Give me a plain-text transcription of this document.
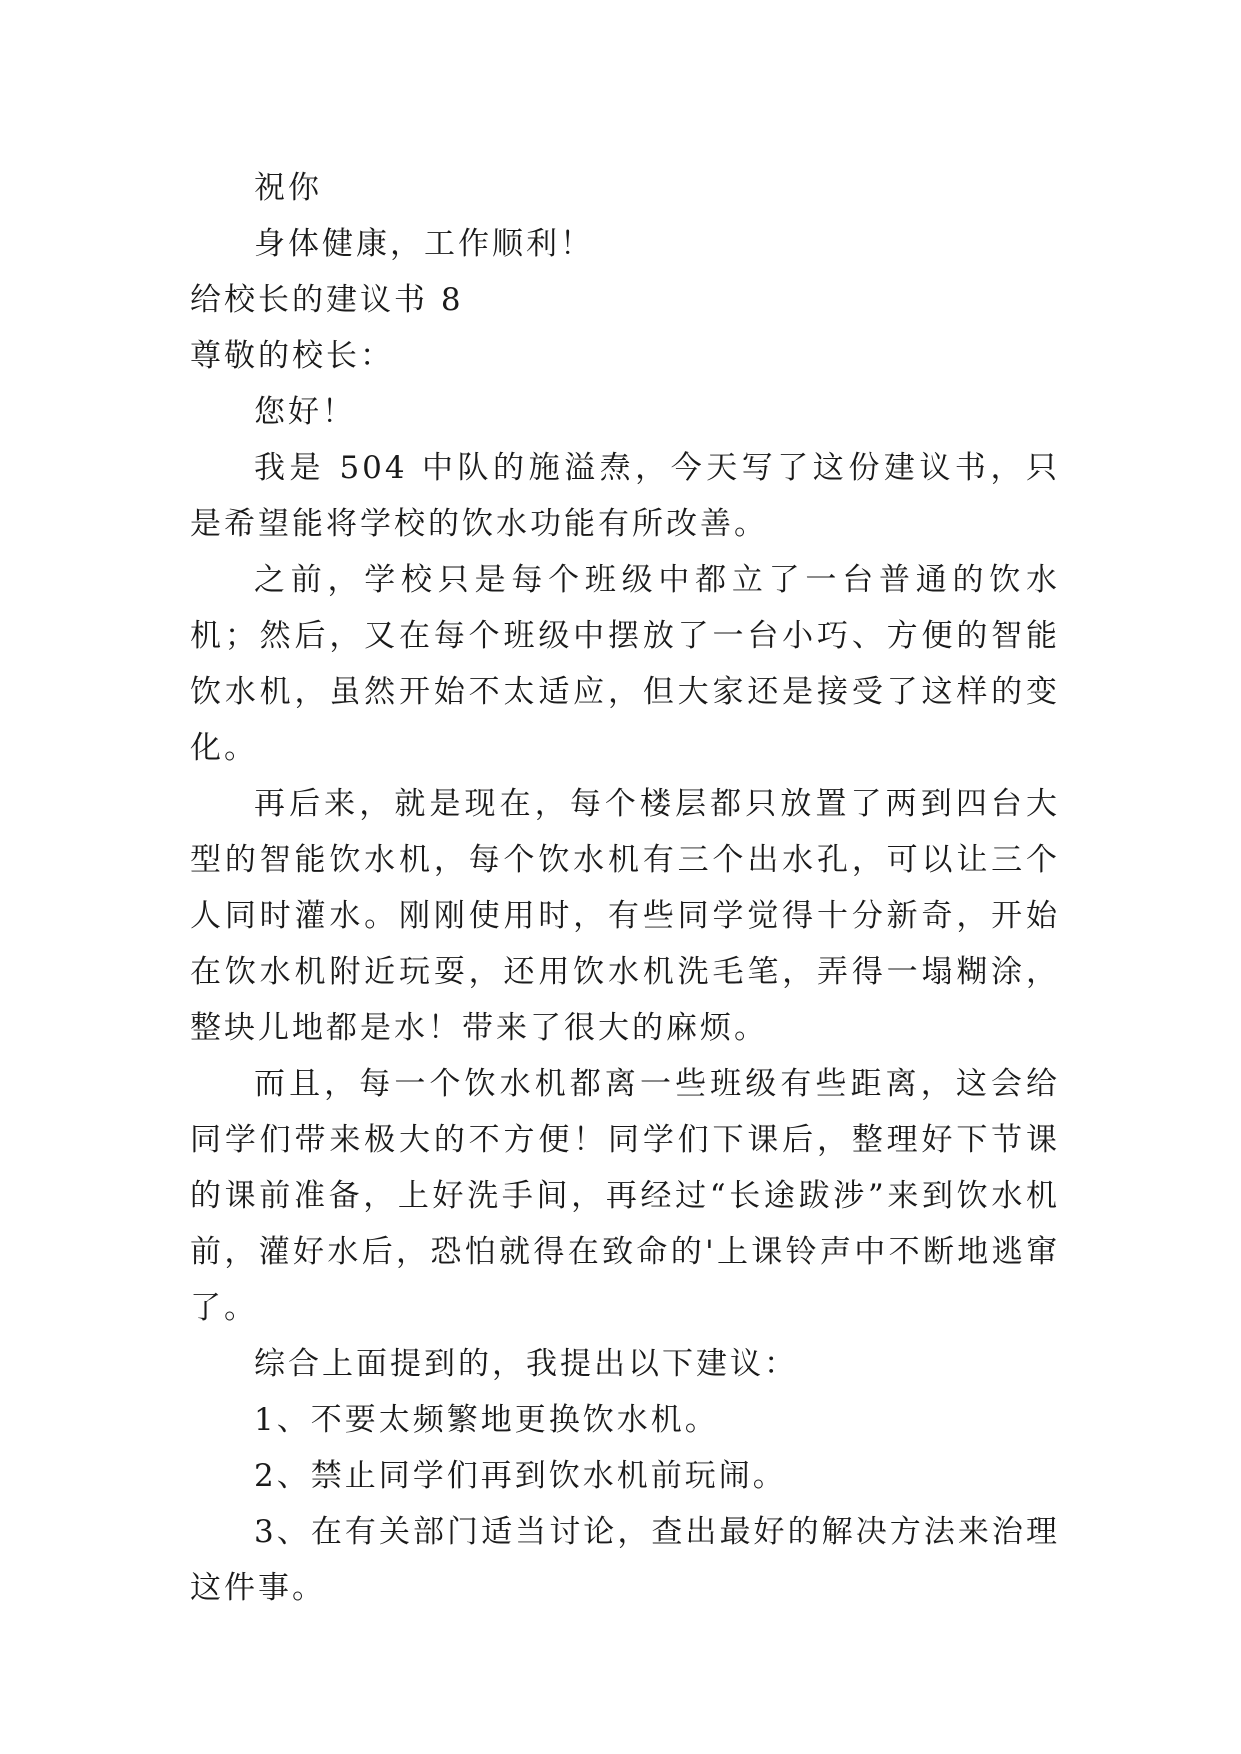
祝你

身体健康，工作顺利！

给校长的建议书 8

尊敬的校长：

您好！

我是 504 中队的施溢焘，今天写了这份建议书，只是希望能将学校的饮水功能有所改善。

之前，学校只是每个班级中都立了一台普通的饮水机；然后，又在每个班级中摆放了一台小巧、方便的智能饮水机，虽然开始不太适应，但大家还是接受了这样的变化。

再后来，就是现在，每个楼层都只放置了两到四台大型的智能饮水机，每个饮水机有三个出水孔，可以让三个人同时灌水。刚刚使用时，有些同学觉得十分新奇，开始在饮水机附近玩耍，还用饮水机洗毛笔，弄得一塌糊涂，整块儿地都是水！带来了很大的麻烦。

而且，每一个饮水机都离一些班级有些距离，这会给同学们带来极大的不方便！同学们下课后，整理好下节课的课前准备，上好洗手间，再经过“长途跋涉”来到饮水机前，灌好水后，恐怕就得在致命的'上课铃声中不断地逃窜了。

综合上面提到的，我提出以下建议：

1、不要太频繁地更换饮水机。

2、禁止同学们再到饮水机前玩闹。

3、在有关部门适当讨论，查出最好的解决方法来治理这件事。
